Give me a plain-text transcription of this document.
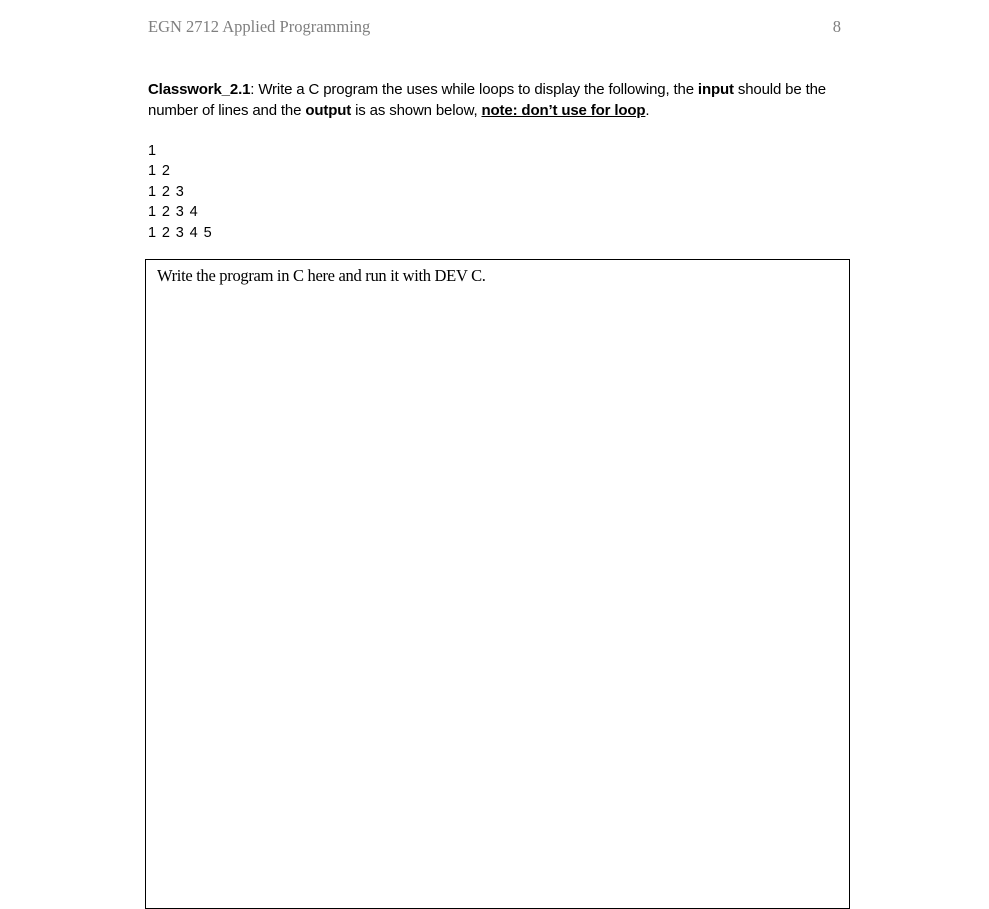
EGN 2712 Applied Programming	8
Classwork_2.1: Write a C program the uses while loops to display the following, the input should be the number of lines and the output is as shown below, note: don’t use for loop.
1
1 2
1 2 3
1 2 3 4
1 2 3 4 5
Write the program in C here and run it with DEV C.
